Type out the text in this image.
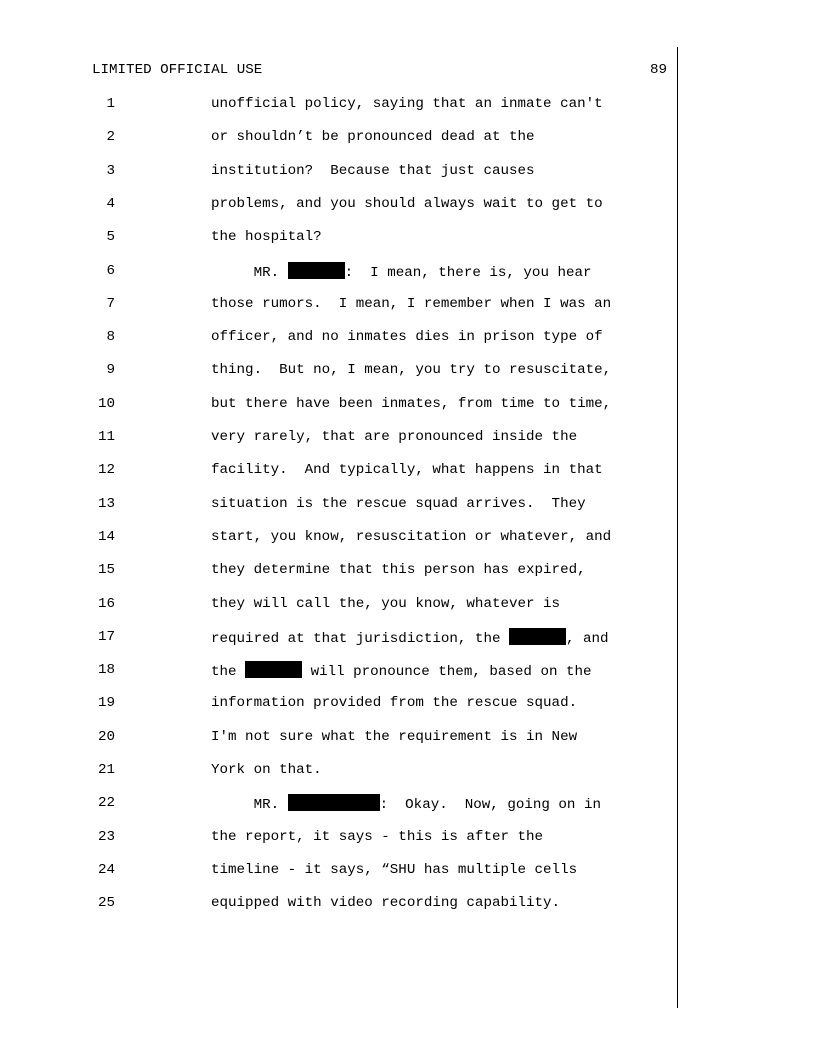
LIMITED OFFICIAL USE	89
1	unofficial policy, saying that an inmate can't
2	or shouldn’t be pronounced dead at the
3	institution?  Because that just causes
4	problems, and you should always wait to get to
5	the hospital?
6	MR.	:  I mean, there is, you hear
7	those rumors.  I mean, I remember when I was an
8	officer, and no inmates dies in prison type of
9	thing.  But no, I mean, you try to resuscitate,
10	but there have been inmates, from time to time,
11	very rarely, that are pronounced inside the
12	facility.  And typically, what happens in that
13	situation is the rescue squad arrives.  They
14	start, you know, resuscitation or whatever, and
15	they determine that this person has expired,
16	they will call the, you know, whatever is
17	required at that jurisdiction, the	, and
18	the	will pronounce them, based on the
19	information provided from the rescue squad.
20	I'm not sure what the requirement is in New
21	York on that.
22	MR.	:  Okay.  Now, going on in
23	the report, it says - this is after the
24	timeline - it says, “SHU has multiple cells
25	equipped with video recording capability.
